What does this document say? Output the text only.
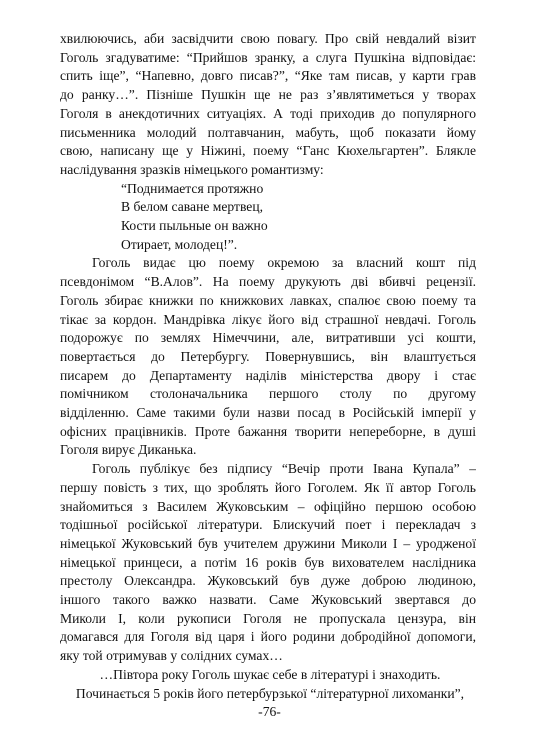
хвилюючись, аби засвідчити свою повагу. Про свій невдалий візит
Гоголь згадуватиме: “Прийшов зранку, а слуга Пушкіна відповідає:
спить іще”, “Напевно, довго писав?”, “Яке там писав, у карти грав
до ранку…”. Пізніше Пушкін ще не раз з’являтиметься у творах
Гоголя в анекдотичних ситуаціях. А тоді приходив до популярного
письменника молодий полтавчанин, мабуть, щоб показати йому
свою, написану ще у Ніжині, поему “Ганс Кюхельгартен”. Блякле
наслідування зразків німецького романтизму:
“Поднимается протяжно
В белом саване мертвец,
Кости пыльные он важно
Отирает, молодец!”.
Гоголь видає цю поему окремою за власний кошт під
псевдонімом “В.Алов”. На поему друкують дві вбивчі рецензії.
Гоголь збирає книжки по книжкових лавках, спалює свою поему та
тікає за кордон. Мандрівка лікує його від страшної невдачі. Гоголь
подорожує по землях Німеччини, але, витративши усі кошти,
повертається до Петербургу. Повернувшись, він влаштується
писарем до Департаменту наділів міністерства двору і стає
помічником столоначальника першого столу по другому
відділенню. Саме такими були назви посад в Російській імперії у
офісних працівників. Проте бажання творити непереборне, в душі
Гоголя вирує Диканька.
Гоголь публікує без підпису “Вечір проти Івана Купала” –
першу повість з тих, що зроблять його Гоголем. Як її автор Гоголь
знайомиться з Василем Жуковським – офіційно першою особою
тодішньої російської літератури. Блискучий поет і перекладач з
німецької Жуковський був учителем дружини Миколи I – уродженої
німецької принцеси, а потім 16 років був вихователем наслідника
престолу Олександра. Жуковський був дуже доброю людиною,
іншого такого важко назвати. Саме Жуковський звертався до
Миколи I, коли рукописи Гоголя не пропускала цензура, він
домагався для Гоголя від царя і його родини добродійної допомоги,
яку той отримував у солідних сумах…
…Півтора року Гоголь шукає себе в літературі і знаходить.
Починається 5 років його петербурзької “літературної лихоманки”,
-76-
